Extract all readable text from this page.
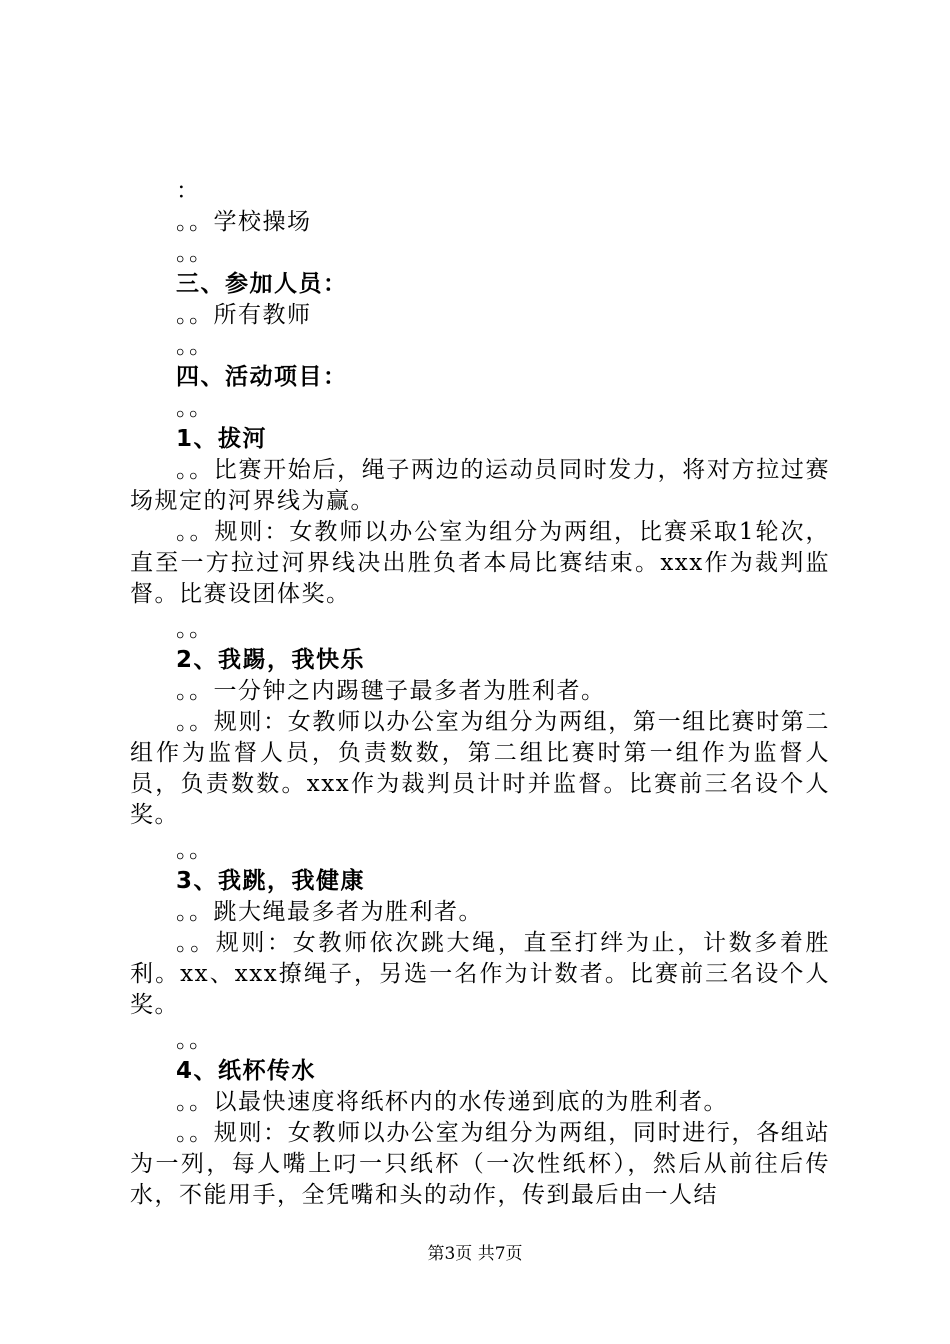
：
。。学校操场
。。
三、参加人员：
。。所有教师
。。
四、活动项目：
。。
1、拔河

。。比赛开始后，绳子两边的运动员同时发力，将对方拉过赛场规定的河界线为赢。

。。规则：女教师以办公室为组分为两组，比赛采取1轮次，直至一方拉过河界线决出胜负者本局比赛结束。xxx作为裁判监督。比赛设团体奖。

。。
2、我踢，我快乐

。。一分钟之内踢毽子最多者为胜利者。

。。规则：女教师以办公室为组分为两组，第一组比赛时第二组作为监督人员，负责数数，第二组比赛时第一组作为监督人员，负责数数。xxx作为裁判员计时并监督。比赛前三名设个人奖。

。。
3、我跳，我健康

。。跳大绳最多者为胜利者。

。。规则：女教师依次跳大绳，直至打绊为止，计数多着胜利。xx、xxx撩绳子，另选一名作为计数者。比赛前三名设个人奖。

。。
4、纸杯传水

。。以最快速度将纸杯内的水传递到底的为胜利者。

。。规则：女教师以办公室为组分为两组，同时进行，各组站为一列，每人嘴上叼一只纸杯（一次性纸杯），然后从前往后传水，不能用手，全凭嘴和头的动作，传到最后由一人结

第3页 共7页
